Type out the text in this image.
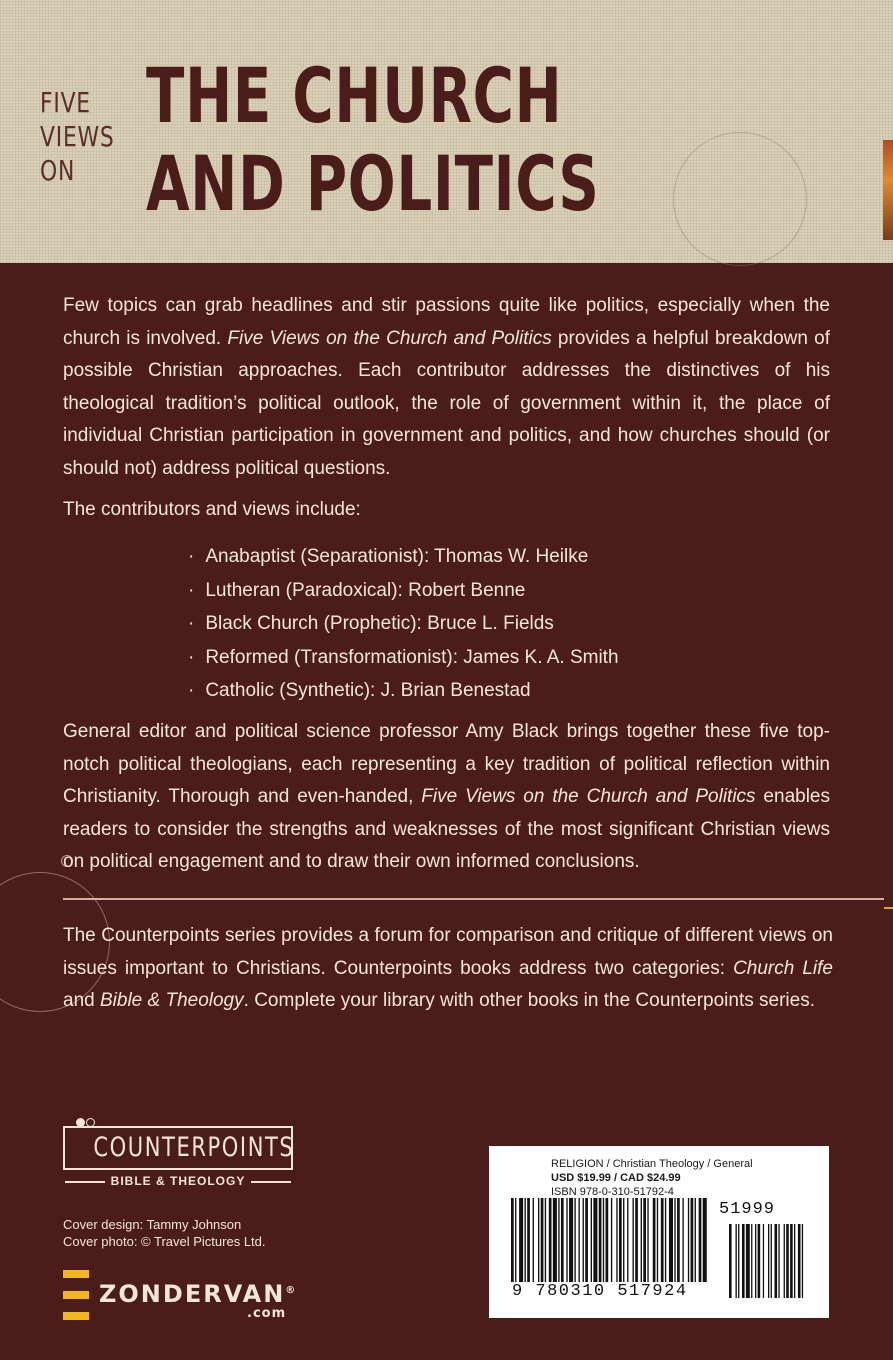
FIVE
VIEWS
ON
THE CHURCH
AND POLITICS

Few topics can grab headlines and stir passions quite like politics, especially when the church is involved. Five Views on the Church and Politics provides a helpful breakdown of possible Christian approaches. Each contributor addresses the distinctives of his theological tradition’s political outlook, the role of government within it, the place of individual Christian participation in government and politics, and how churches should (or should not) address political questions.

The contributors and views include:

· Anabaptist (Separationist): Thomas W. Heilke
· Lutheran (Paradoxical): Robert Benne
· Black Church (Prophetic): Bruce L. Fields
· Reformed (Transformationist): James K. A. Smith
· Catholic (Synthetic): J. Brian Benestad

General editor and political science professor Amy Black brings together these five top-notch political theologians, each representing a key tradition of political reflection within Christianity. Thorough and even-handed, Five Views on the Church and Politics enables readers to consider the strengths and weaknesses of the most significant Christian views on political engagement and to draw their own informed conclusions.

The Counterpoints series provides a forum for comparison and critique of different views on issues important to Christians. Counterpoints books address two categories: Church Life and Bible & Theology. Complete your library with other books in the Counterpoints series.

COUNTERPOINTS
BIBLE & THEOLOGY
Cover design: Tammy Johnson
Cover photo: © Travel Pictures Ltd.
ZONDERVAN®
.com
RELIGION / Christian Theology / General
USD $19.99 / CAD $24.99
ISBN 978-0-310-51792-4
51999
9 780310 517924
